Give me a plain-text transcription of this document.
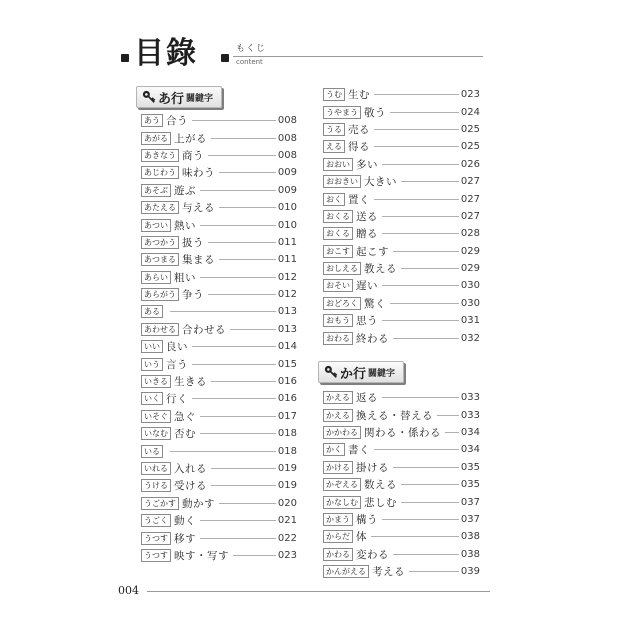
目錄	もくじ
content
あ行 關鍵字
あう 合う	008
あがる 上がる	008
あきなう 商う	008
あじわう 味わう	009
あそぶ 遊ぶ	009
あたえる 与える	010
あつい 熱い	010
あつかう 扱う	011
あつまる 集まる	011
あらい 粗い	012
あらがう 争う	012
ある	013
あわせる 合わせる	013
いい 良い	014
いう 言う	015
いきる 生きる	016
いく 行く	016
いそぐ 急ぐ	017
いなむ 否む	018
いる	018
いれる 入れる	019
うける 受ける	019
うごかす 動かす	020
うごく 動く	021
うつす 移す	022
うつす 映す・写す	023
うむ 生む	023
うやまう 敬う	024
うる 売る	025
える 得る	025
おおい 多い	026
おおきい 大きい	027
おく 置く	027
おくる 送る	027
おくる 贈る	028
おこす 起こす	029
おしえる 教える	029
おそい 遅い	030
おどろく 驚く	030
おもう 思う	031
おわる 終わる	032
か行 關鍵字
かえる 返る	033
かえる 換える・替える	033
かかわる 関わる・係わる 034
かく 書く	034
かける 掛ける	035
かぞえる 数える	035
かなしむ 悲しむ	037
かまう 構う	037
からだ 体	038
かわる 変わる	038
かんがえる 考える	039
004
